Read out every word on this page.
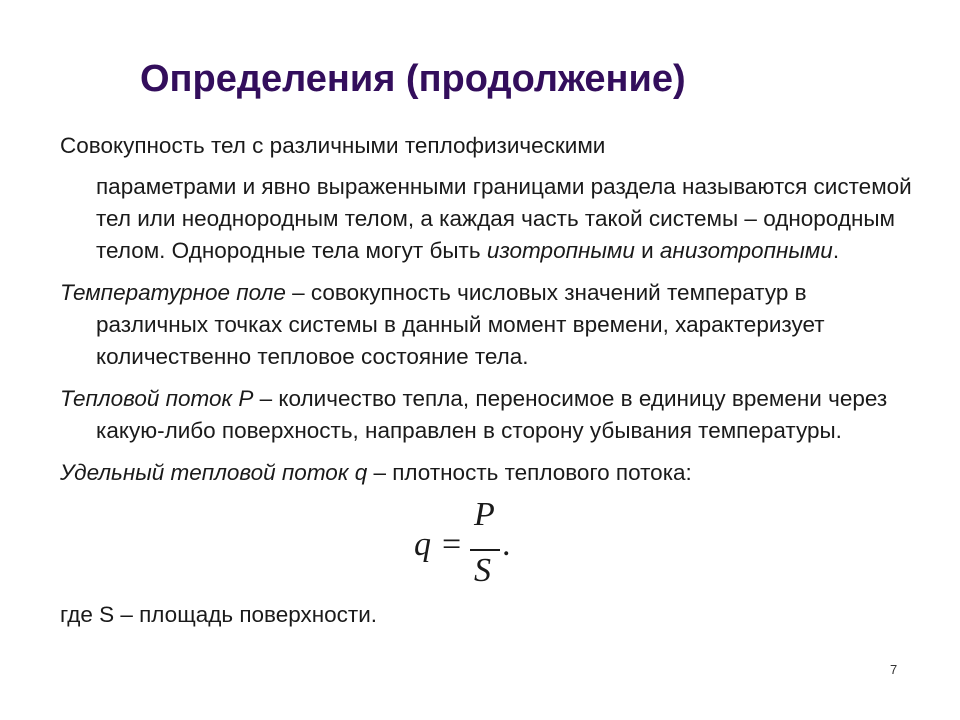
Определения (продолжение)
Совокупность тел с различными теплофизическими
параметрами и явно выраженными границами раздела называются системой тел или неоднородным телом, а каждая часть такой системы – однородным телом. Однородные тела могут быть изотропными и анизотропными.
Температурное поле – совокупность числовых значений температур в различных точках системы в данный момент времени, характеризует количественно тепловое состояние тела.
Тепловой поток P – количество тепла, переносимое в единицу времени через какую-либо поверхность, направлен в сторону убывания температуры.
Удельный тепловой поток q – плотность теплового потока:
q =
P
S
.
где S – площадь поверхности.
7
